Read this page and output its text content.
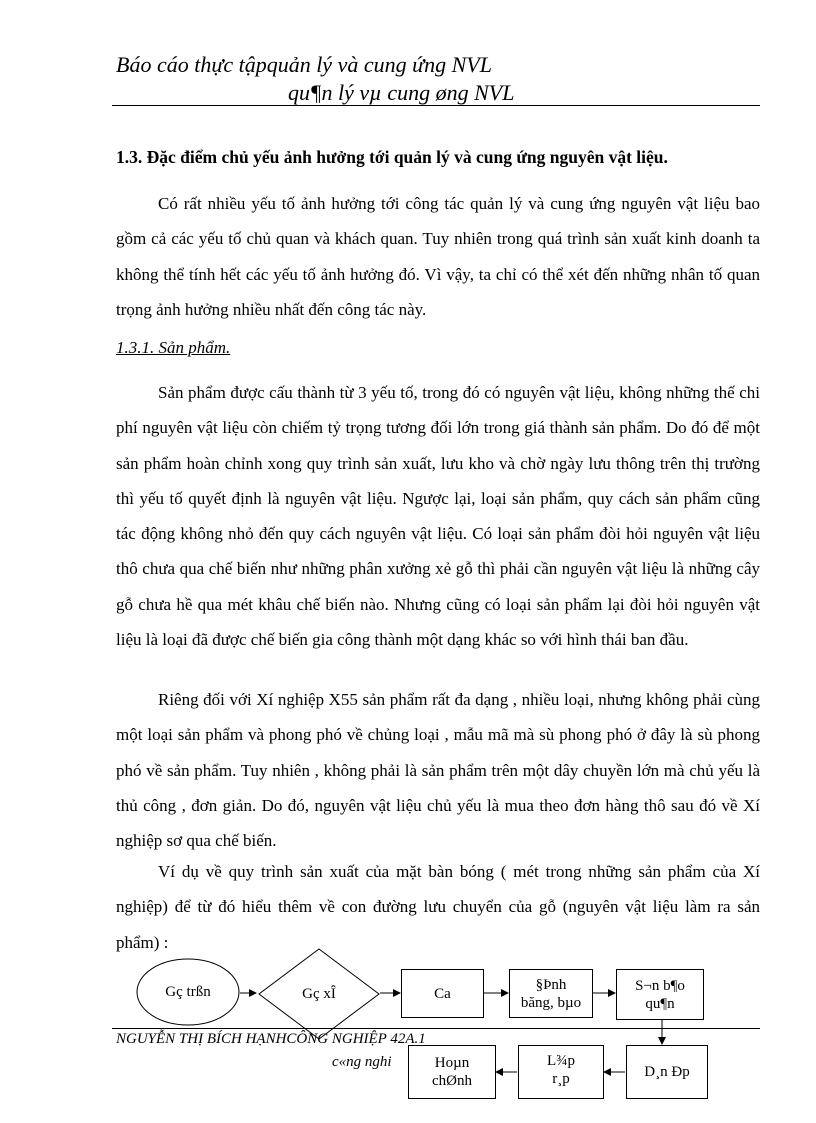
Báo cáo thực tậpquản lý và cung ứng NVL
qu¶n lý vµ cung øng NVL
1.3. Đặc điểm chủ yếu ảnh hưởng tới quản lý và cung ứng nguyên vật liệu.

Có rất nhiều yếu tố ảnh hưởng tới công tác quản lý và cung ứng nguyên vật liệu bao gồm cả các yếu tố chủ quan và khách quan. Tuy nhiên trong quá trình sản xuất kinh doanh ta không thể tính hết các yếu tố ảnh hưởng đó. Vì vậy, ta chỉ có thể xét đến những nhân tố quan trọng ảnh hưởng nhiều nhất đến công tác này.

1.3.1. Sản phẩm.

Sản phẩm được cấu thành từ 3 yếu tố, trong đó có nguyên vật liệu, không những thế chi phí nguyên vật liệu còn chiếm tỷ trọng tương đối lớn trong giá thành sản phẩm. Do đó để một sản phẩm hoàn chỉnh xong quy trình sản xuất, lưu kho và chờ ngày lưu thông trên thị trường thì yếu tố quyết định là nguyên vật liệu. Ngược lại, loại sản phẩm, quy cách sản phẩm cũng tác động không nhỏ đến quy cách nguyên vật liệu. Có loại sản phẩm đòi hỏi nguyên vật liệu thô chưa qua chế biến như những phân xưởng xẻ gỗ thì phải cần nguyên vật liệu là những cây gỗ chưa hề qua mét khâu chế biến nào. Nhưng cũng có loại sản phẩm lại đòi hỏi nguyên vật liệu là loại đã được chế biến gia công thành một dạng khác so với hình thái ban đầu.

Riêng đối với Xí nghiệp X55 sản phẩm rất đa dạng , nhiều loại, nhưng không phải cùng một loại sản phẩm và phong phó về chủng loại , mẫu mã mà sù phong phó ở đây là sù phong phó về sản phẩm. Tuy nhiên , không phải là sản phẩm trên một dây chuyền lớn mà chủ yếu là thủ công , đơn giản. Do đó, nguyên vật liệu chủ yếu là mua theo đơn hàng thô sau đó về Xí nghiệp sơ qua chế biến.

Ví dụ về quy trình sản xuất của mặt bàn bóng ( mét trong những sản phẩm của Xí nghiệp) để từ đó hiểu thêm về con đường lưu chuyển của gỗ (nguyên vật liệu làm ra sản phẩm) :

Gç trßn	Gç xÎ	Ca
§Þnh
băng, bµo
S¬n b¶o
qu¶n
D¸n Đp
L¾p
r¸p
Hoµn
chØnh
NGUYỄN THỊ BÍCH HẠNHCÔNG NGHIỆP 42A.1
c«ng nghi
